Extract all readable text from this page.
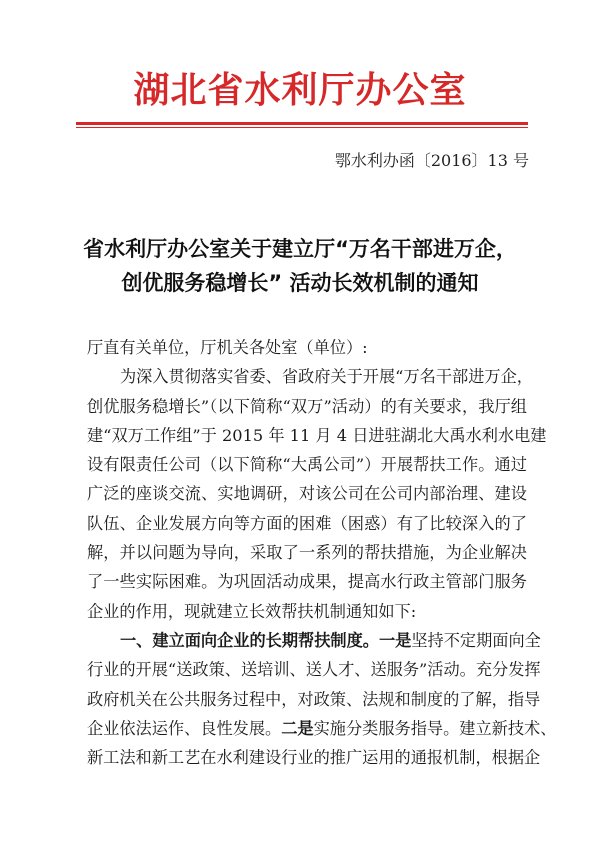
湖北省水利厅办公室
鄂水利办函〔2016〕13 号
省水利厅办公室关于建立厅“万名干部进万企，
创优服务稳增长” 活动长效机制的通知
厅直有关单位，厅机关各处室（单位）:
为深入贯彻落实省委、省政府关于开展“万名干部进万企，
创优服务稳增长”（以下简称“双万”活动）的有关要求，我厅组
建“双万工作组”于 2015 年 11 月 4 日进驻湖北大禹水利水电建
设有限责任公司（以下简称“大禹公司”）开展帮扶工作。通过
广泛的座谈交流、实地调研，对该公司在公司内部治理、建设
队伍、企业发展方向等方面的困难（困惑）有了比较深入的了
解，并以问题为导向，采取了一系列的帮扶措施，为企业解决
了一些实际困难。为巩固活动成果，提高水行政主管部门服务
企业的作用，现就建立长效帮扶机制通知如下:
一、建立面向企业的长期帮扶制度。一是坚持不定期面向全
行业的开展“送政策、送培训、送人才、送服务”活动。充分发挥
政府机关在公共服务过程中，对政策、法规和制度的了解，指导
企业依法运作、良性发展。二是实施分类服务指导。建立新技术、
新工法和新工艺在水利建设行业的推广运用的通报机制，根据企
